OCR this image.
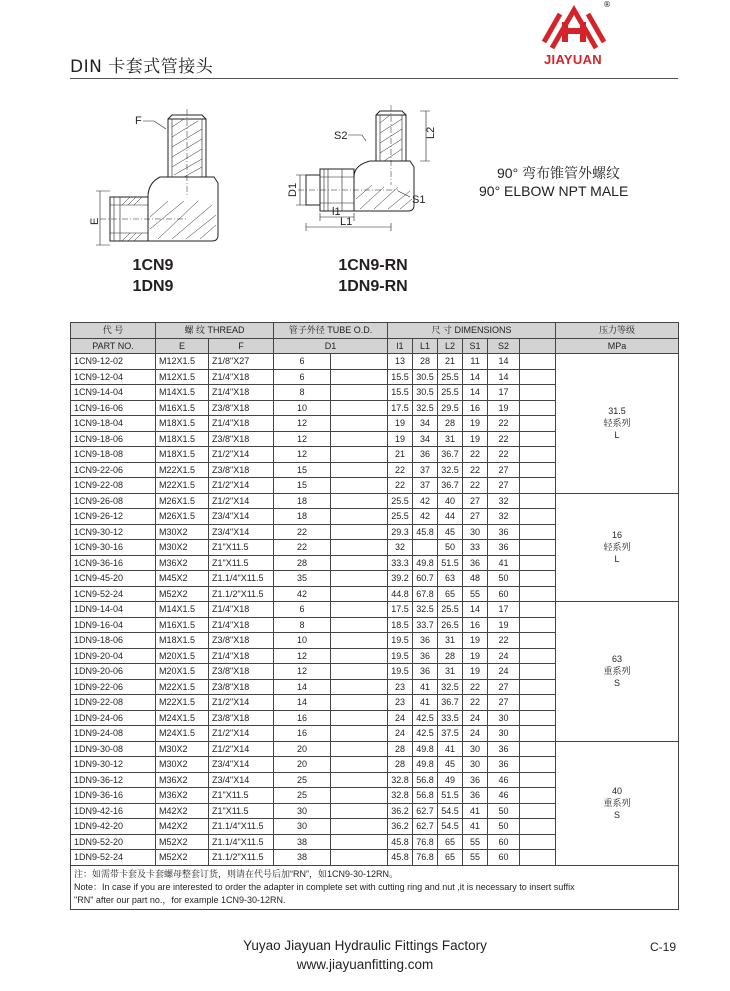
DIN 卡套式管接头
®
JIAYUAN
F
E
S2	L2
D1
S1
l1
L1
1CN9
1DN9
1CN9-RN
1DN9-RN
90° 弯布锥管外螺纹
90° ELBOW NPT MALE
代 号	螺 纹 THREAD		管子外径 TUBE O.D.		尺 寸 DIMENSIONS						压力等级
PART NO.	E	F	D1		l1	L1	L2	S1	S2		MPa
1CN9-12-02	M12X1.5	Z1/8"X27	6		13	28	21	11	14		31.5
轻系列
L

1CN9-12-04	M12X1.5	Z1/4"X18	6		15.5	30.5	25.5	14	14		
1CN9-14-04	M14X1.5	Z1/4"X18	8		15.5	30.5	25.5	14	17		
1CN9-16-06	M16X1.5	Z3/8"X18	10		17.5	32.5	29.5	16	19		
1CN9-18-04	M18X1.5	Z1/4"X18	12		19	34	28	19	22		
1CN9-18-06	M18X1.5	Z3/8"X18	12		19	34	31	19	22		
1CN9-18-08	M18X1.5	Z1/2"X14	12		21	36	36.7	22	22		
1CN9-22-06	M22X1.5	Z3/8"X18	15		22	37	32.5	22	27		
1CN9-22-08	M22X1.5	Z1/2"X14	15		22	37	36.7	22	27		
1CN9-26-08	M26X1.5	Z1/2"X14	18		25.5	42	40	27	32		16
轻系列
L

1CN9-26-12	M26X1.5	Z3/4"X14	18		25.5	42	44	27	32		
1CN9-30-12	M30X2	Z3/4"X14	22		29.3	45.8	45	30	36		
1CN9-30-16	M30X2	Z1"X11.5	22		32		50	33	36		
1CN9-36-16	M36X2	Z1"X11.5	28		33.3	49.8	51.5	36	41		
1CN9-45-20	M45X2	Z1.1/4"X11.5	35		39.2	60.7	63	48	50		
1CN9-52-24	M52X2	Z1.1/2"X11.5	42		44.8	67.8	65	55	60		
1DN9-14-04	M14X1.5	Z1/4"X18	6		17.5	32.5	25.5	14	17		63
重系列
S

1DN9-16-04	M16X1.5	Z1/4"X18	8		18.5	33.7	26.5	16	19		
1DN9-18-06	M18X1.5	Z3/8"X18	10		19.5	36	31	19	22		
1DN9-20-04	M20X1.5	Z1/4"X18	12		19.5	36	28	19	24		
1DN9-20-06	M20X1.5	Z3/8"X18	12		19.5	36	31	19	24		
1DN9-22-06	M22X1.5	Z3/8"X18	14		23	41	32.5	22	27		
1DN9-22-08	M22X1.5	Z1/2"X14	14		23	41	36.7	22	27		
1DN9-24-06	M24X1.5	Z3/8"X18	16		24	42.5	33.5	24	30		
1DN9-24-08	M24X1.5	Z1/2"X14	16		24	42.5	37.5	24	30		
1DN9-30-08	M30X2	Z1/2"X14	20		28	49.8	41	30	36		40
重系列
S

1DN9-30-12	M30X2	Z3/4"X14	20		28	49.8	45	30	36		
1DN9-36-12	M36X2	Z3/4"X14	25		32.8	56.8	49	36	46		
1DN9-36-16	M36X2	Z1"X11.5	25		32.8	56.8	51.5	36	46		
1DN9-42-16	M42X2	Z1"X11.5	30		36.2	62.7	54.5	41	50		
1DN9-42-20	M42X2	Z1.1/4"X11.5	30		36.2	62.7	54.5	41	50		
1DN9-52-20	M52X2	Z1.1/4"X11.5	38		45.8	76.8	65	55	60		
1DN9-52-24	M52X2	Z1.1/2"X11.5	38		45.8	76.8	65	55	60		

注：如需带卡套及卡套螺母整套订货，则请在代号后加“RN”，如1CN9-30-12RN。
Note：In case if you are interested to order the adapter in complete set with cutting ring and nut ,it is necessary to insert suffix
"RN" after our part no.，for example 1CN9-30-12RN.											
Yuyao Jiayuan Hydraulic Fittings Factory
www.jiayuanfitting.com
C-19
